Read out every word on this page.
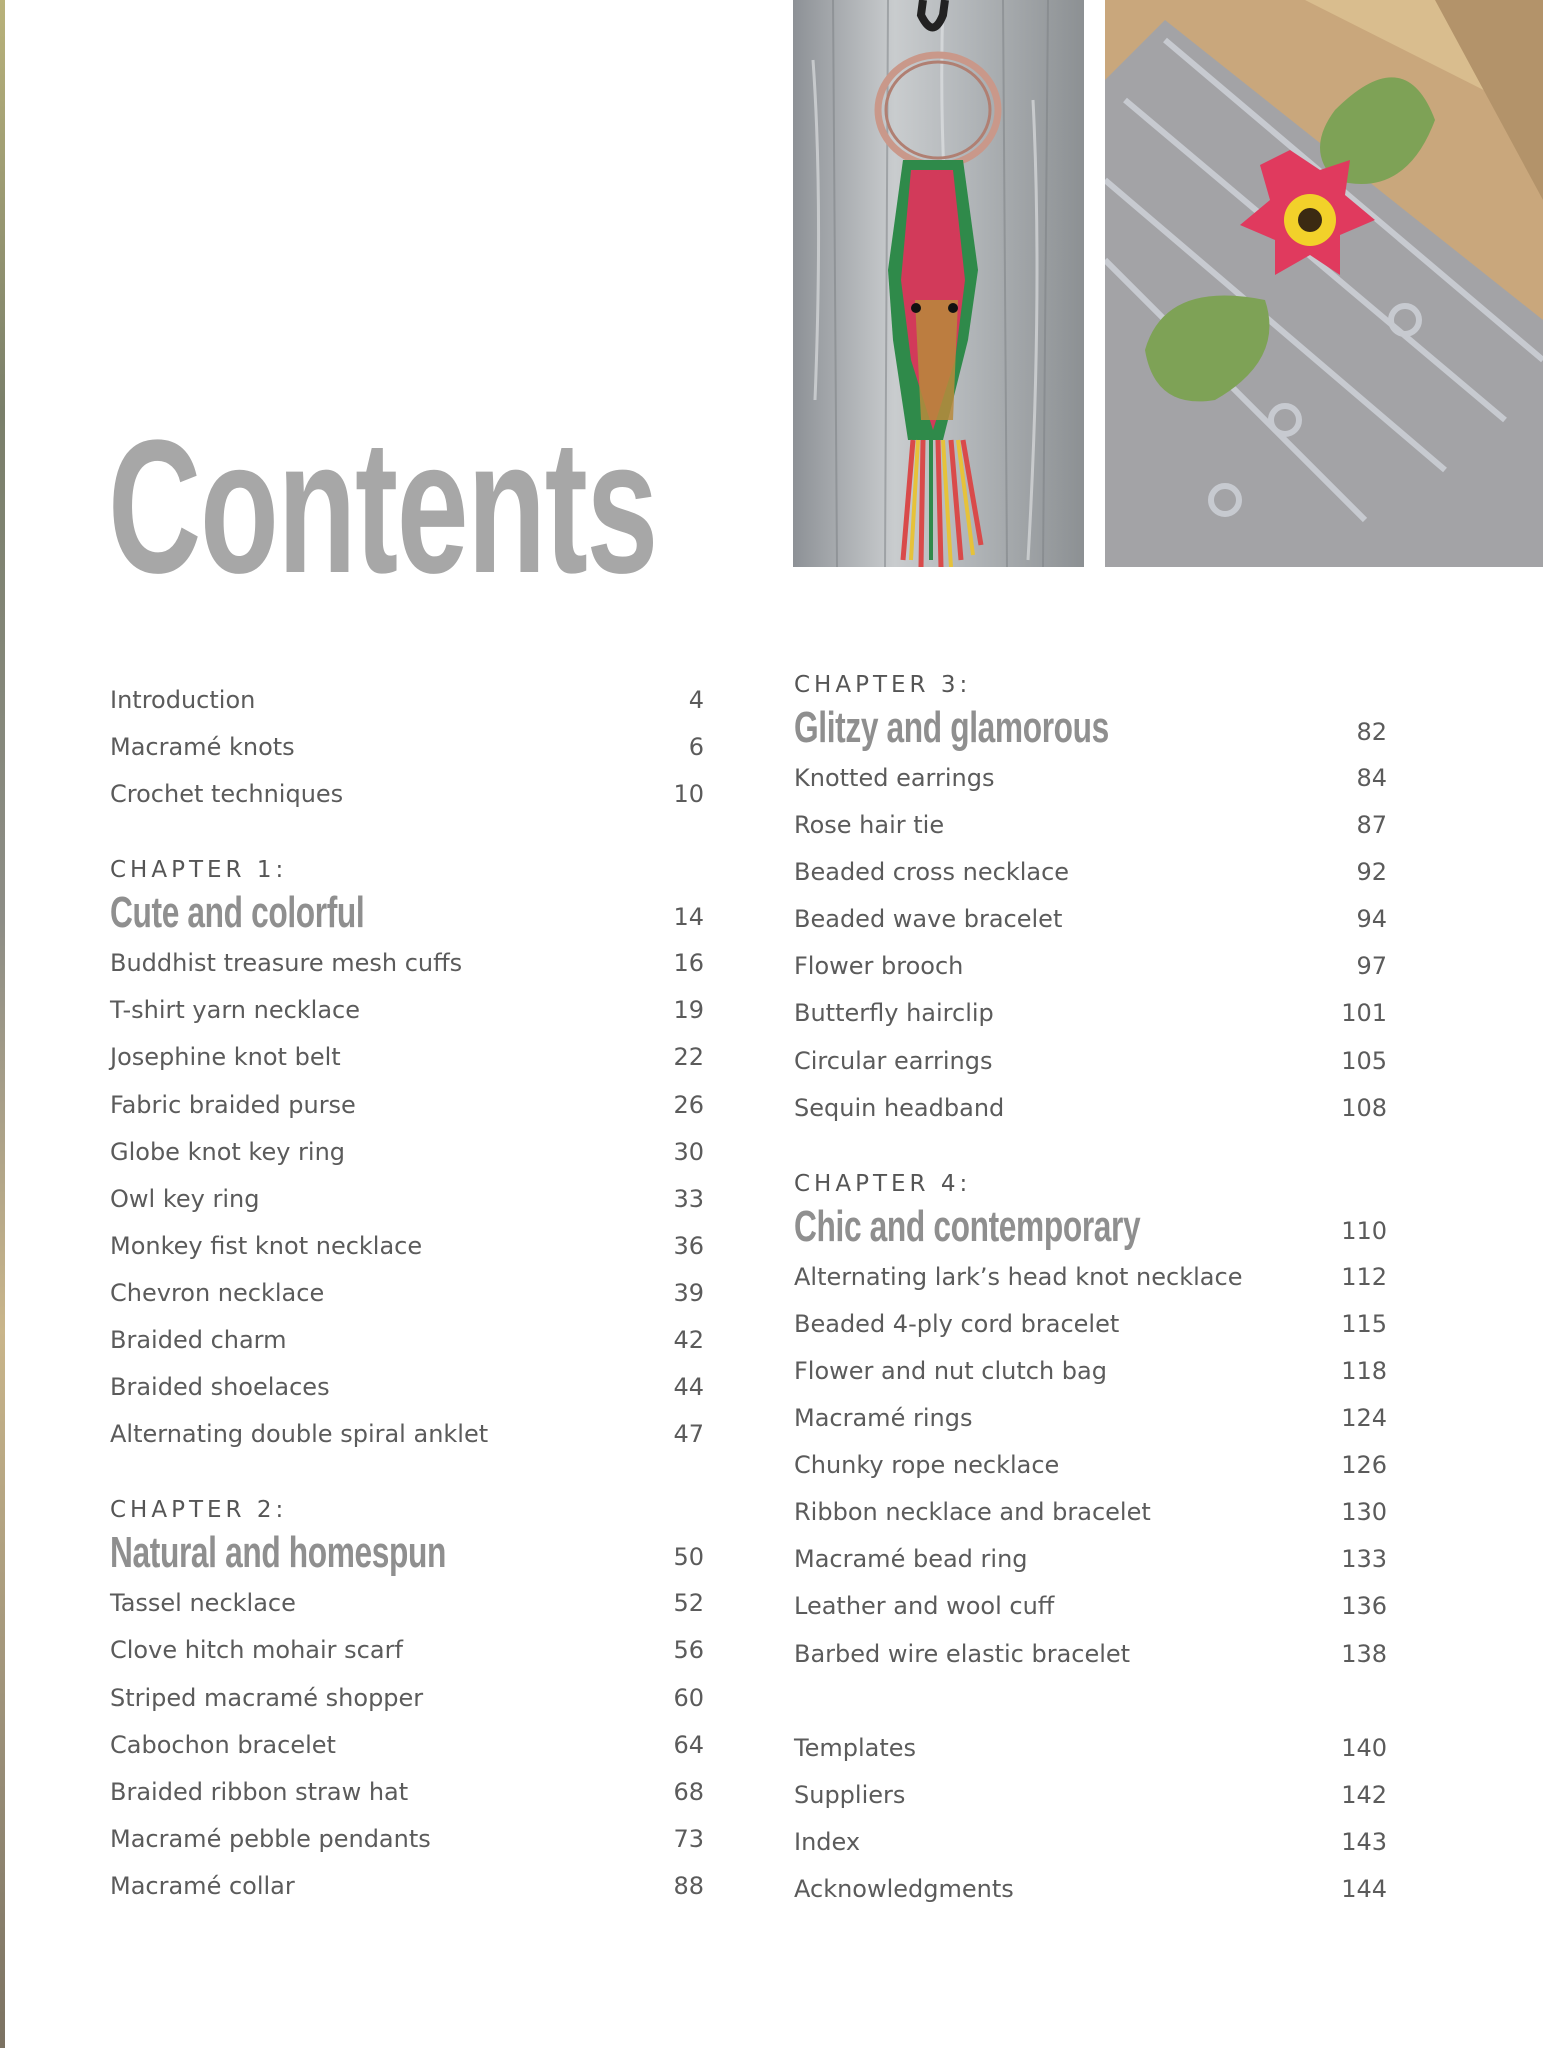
Contents
Introduction	4
Macramé knots	6
Crochet techniques	10
CHAPTER 1:
Cute and colorful	14
Buddhist treasure mesh cuffs	16
T-shirt yarn necklace	19
Josephine knot belt	22
Fabric braided purse	26
Globe knot key ring	30
Owl key ring	33
Monkey fist knot necklace	36
Chevron necklace	39
Braided charm	42
Braided shoelaces	44
Alternating double spiral anklet	47
CHAPTER 2:
Natural and homespun	50
Tassel necklace	52
Clove hitch mohair scarf	56
Striped macramé shopper	60
Cabochon bracelet	64
Braided ribbon straw hat	68
Macramé pebble pendants	73
Macramé collar	88
CHAPTER 3:
Glitzy and glamorous	82
Knotted earrings	84
Rose hair tie	87
Beaded cross necklace	92
Beaded wave bracelet	94
Flower brooch	97
Butterfly hairclip	101
Circular earrings	105
Sequin headband	108
CHAPTER 4:
Chic and contemporary	110
Alternating lark’s head knot necklace	112
Beaded 4-ply cord bracelet	115
Flower and nut clutch bag	118
Macramé rings	124
Chunky rope necklace	126
Ribbon necklace and bracelet	130
Macramé bead ring	133
Leather and wool cuff	136
Barbed wire elastic bracelet	138
Templates	140
Suppliers	142
Index	143
Acknowledgments	144
